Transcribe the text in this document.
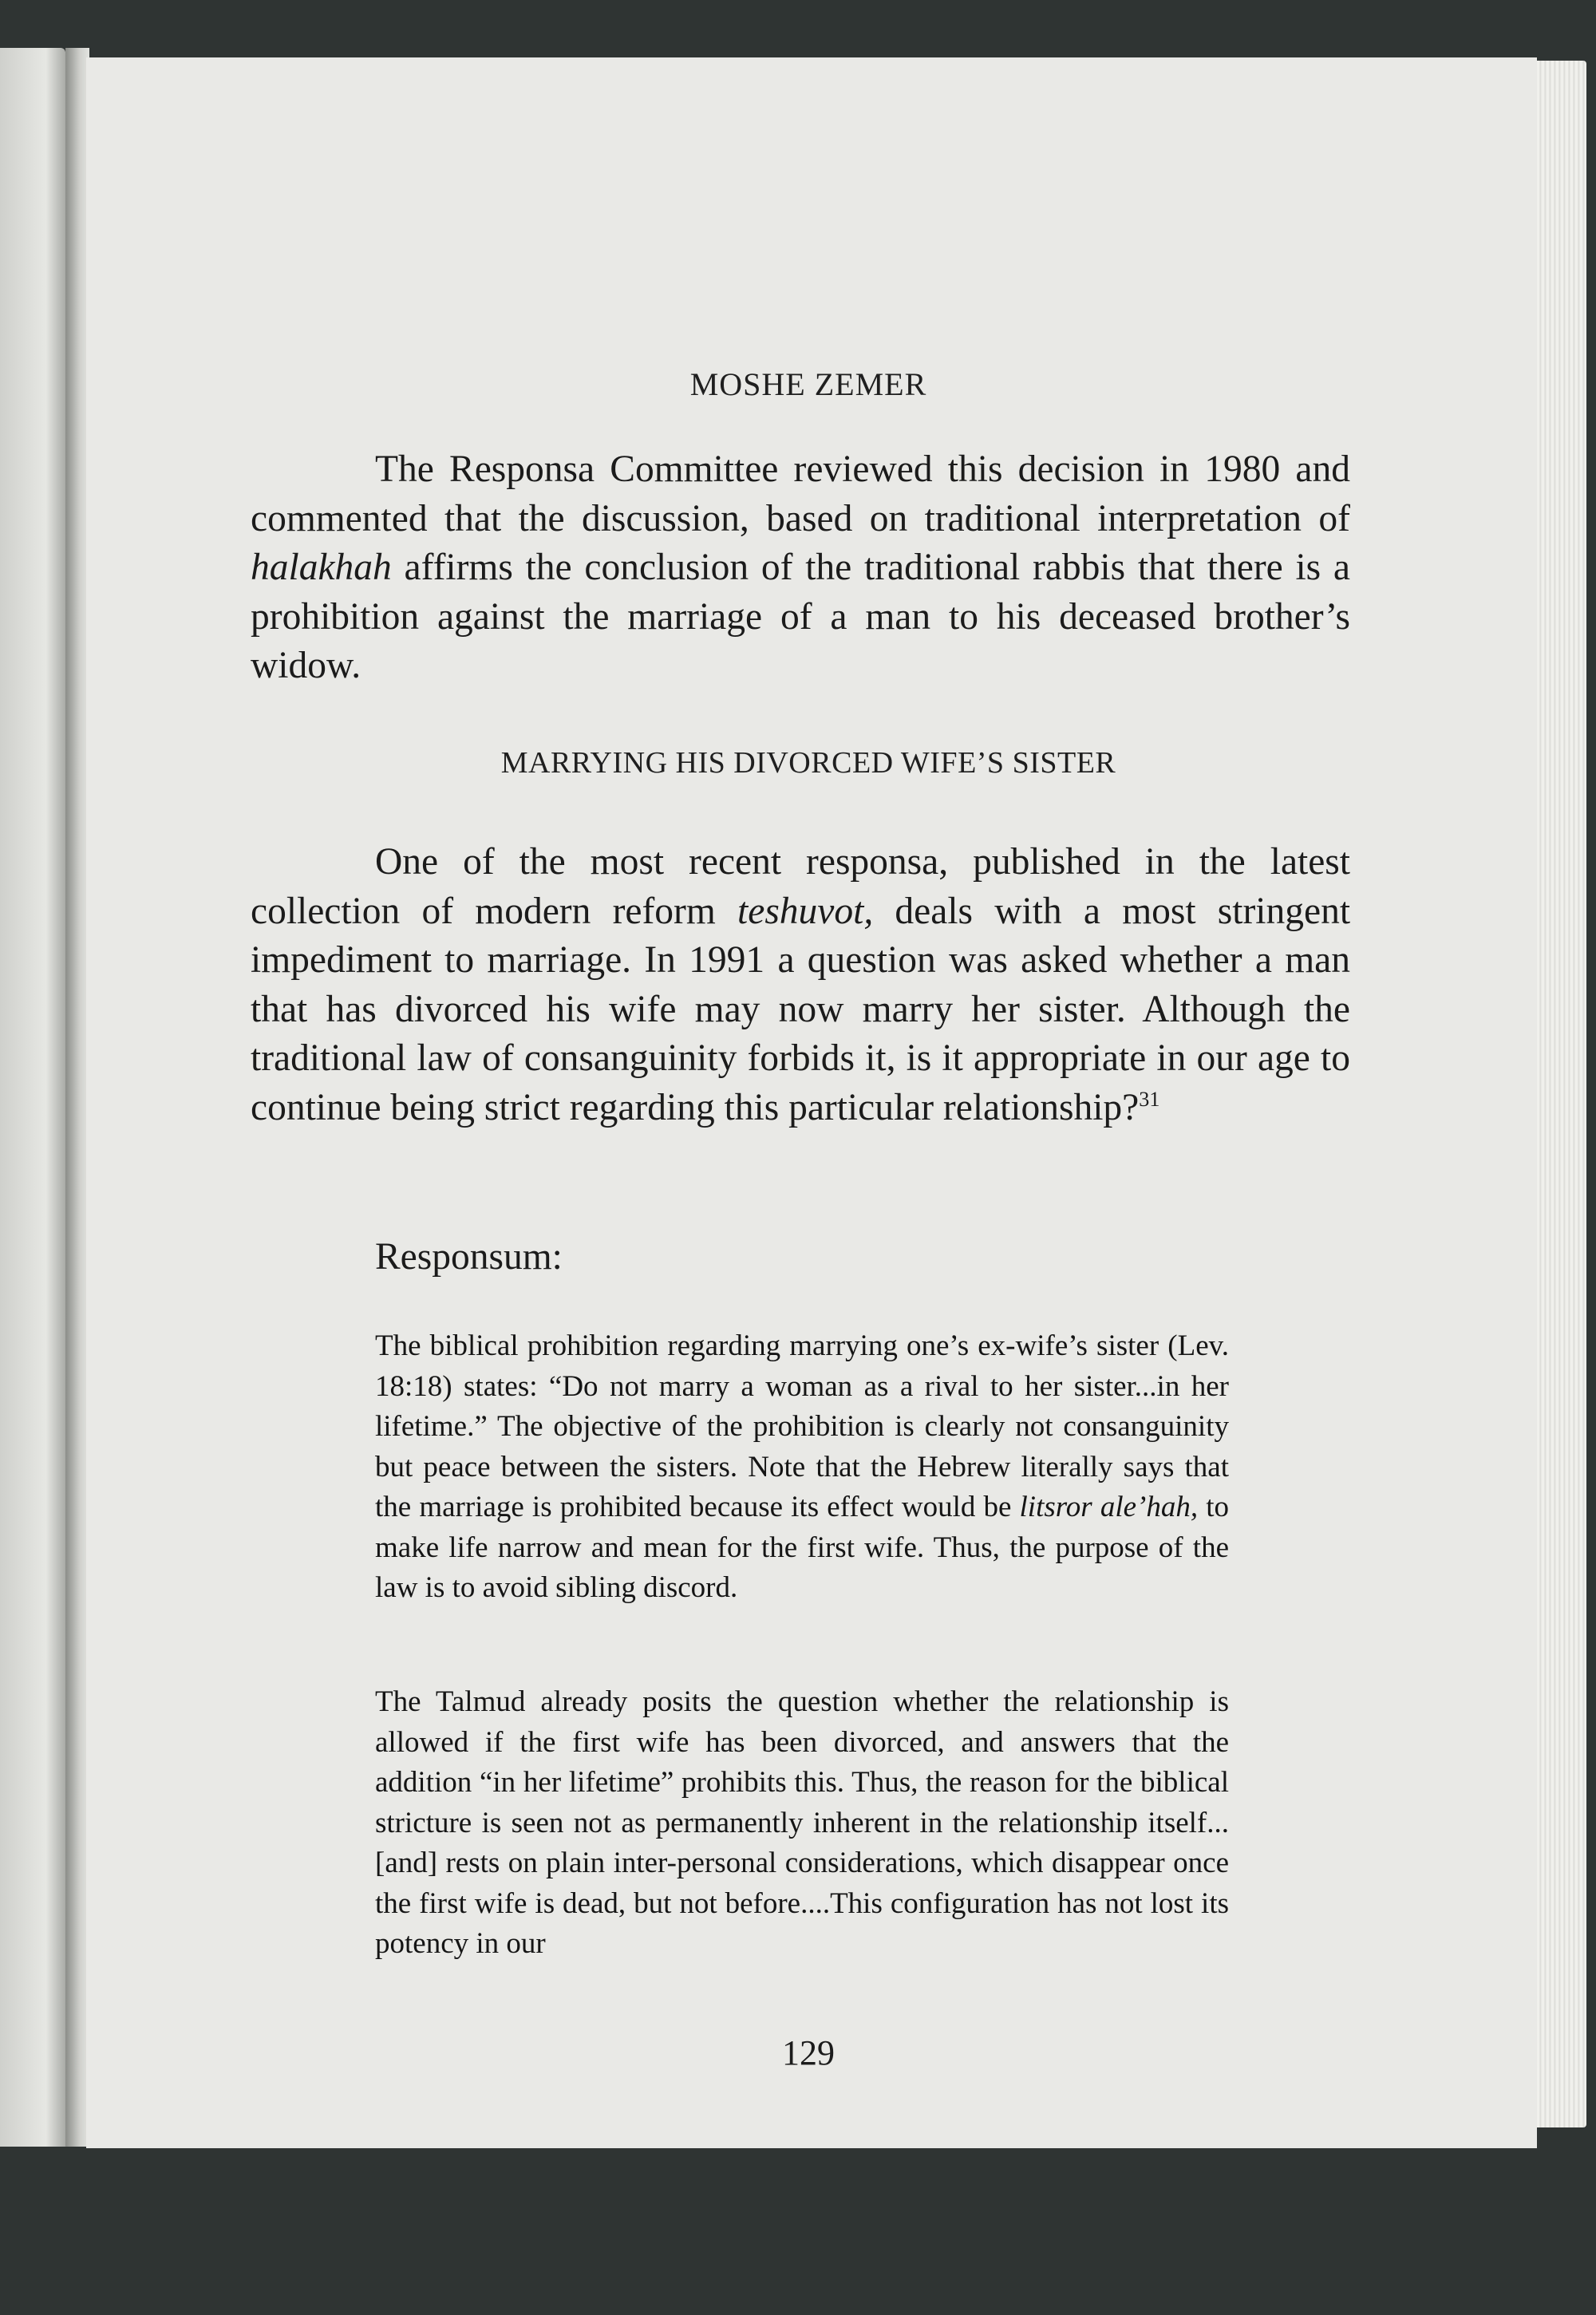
MOSHE ZEMER

The Responsa Committee reviewed this decision in 1980 and commented that the discussion, based on traditional interpretation of halakhah affirms the conclusion of the traditional rabbis that there is a prohibition against the marriage of a man to his deceased brother’s widow.

MARRYING HIS DIVORCED WIFE’S SISTER

One of the most recent responsa, published in the latest collection of modern reform teshuvot, deals with a most stringent impediment to marriage. In 1991 a question was asked whether a man that has divorced his wife may now marry her sister. Although the traditional law of consanguinity forbids it, is it appropriate in our age to continue being strict regarding this particular relationship?$^{31}$

Responsum:

The biblical prohibition regarding marrying one’s ex-wife’s sister (Lev. 18:18) states: “Do not marry a woman as a rival to her sister...in her lifetime.” The objective of the prohibition is clearly not consanguinity but peace between the sisters. Note that the Hebrew literally says that the marriage is prohibited because its effect would be litsror ale’hah, to make life narrow and mean for the first wife. Thus, the purpose of the law is to avoid sibling discord.

The Talmud already posits the question whether the relationship is allowed if the first wife has been divorced, and answers that the addition “in her lifetime” prohibits this. Thus, the reason for the biblical stricture is seen not as permanently inherent in the relationship itself...[and] rests on plain inter-personal considerations, which disappear once the first wife is dead, but not before....This configuration has not lost its potency in our

129
